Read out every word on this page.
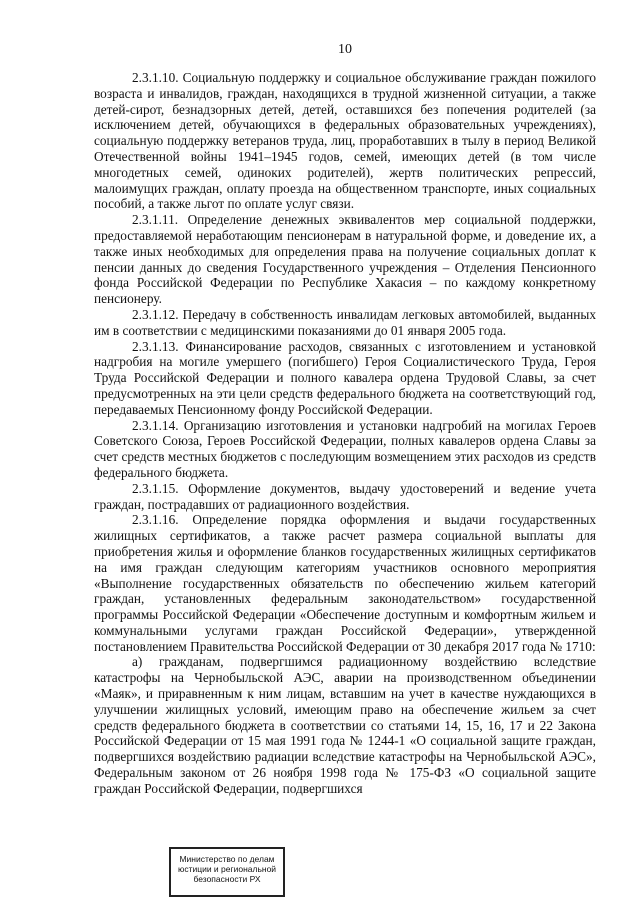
10

2.3.1.10. Социальную поддержку и социальное обслуживание граждан пожилого возраста и инвалидов, граждан, находящихся в трудной жизненной ситуации, а также детей-сирот, безнадзорных детей, детей, оставшихся без попечения родителей (за исключением детей, обучающихся в федеральных образовательных учреждениях), социальную поддержку ветеранов труда, лиц, проработавших в тылу в период Великой Отечественной войны 1941–1945 годов, семей, имеющих детей (в том числе многодетных семей, одиноких родителей), жертв политических репрессий, малоимущих граждан, оплату проезда на общественном транспорте, иных социальных пособий, а также льгот по оплате услуг связи.

2.3.1.11. Определение денежных эквивалентов мер социальной поддержки, предоставляемой неработающим пенсионерам в натуральной форме, и доведение их, а также иных необходимых для определения права на получение социальных доплат к пенсии данных до сведения Государственного учреждения – Отделения Пенсионного фонда Российской Федерации по Республике Хакасия – по каждому конкретному пенсионеру.

2.3.1.12. Передачу в собственность инвалидам легковых автомобилей, выданных им в соответствии с медицинскими показаниями до 01 января 2005 года.

2.3.1.13. Финансирование расходов, связанных с изготовлением и установкой надгробия на могиле умершего (погибшего) Героя Социалистического Труда, Героя Труда Российской Федерации и полного кавалера ордена Трудовой Славы, за счет предусмотренных на эти цели средств федерального бюджета на соответствующий год, передаваемых Пенсионному фонду Российской Федерации.

2.3.1.14. Организацию изготовления и установки надгробий на могилах Героев Советского Союза, Героев Российской Федерации, полных кавалеров ордена Славы за счет средств местных бюджетов с последующим возмещением этих расходов из средств федерального бюджета.

2.3.1.15. Оформление документов, выдачу удостоверений и ведение учета граждан, пострадавших от радиационного воздействия.

2.3.1.16. Определение порядка оформления и выдачи государственных жилищных сертификатов, а также расчет размера социальной выплаты для приобретения жилья и оформление бланков государственных жилищных сертификатов на имя граждан следующим категориям участников основного мероприятия «Выполнение государственных обязательств по обеспечению жильем категорий граждан, установленных федеральным законодательством» государственной программы Российской Федерации «Обеспечение доступным и комфортным жильем и коммунальными услугами граждан Российской Федерации», утвержденной постановлением Правительства Российской Федерации от 30 декабря 2017 года № 1710:

а) гражданам, подвергшимся радиационному воздействию вследствие катастрофы на Чернобыльской АЭС, аварии на производственном объединении «Маяк», и приравненным к ним лицам, вставшим на учет в качестве нуждающихся в улучшении жилищных условий, имеющим право на обеспечение жильем за счет средств федерального бюджета в соответствии со статьями 14, 15, 16, 17 и 22 Закона Российской Федерации от 15 мая 1991 года № 1244-1 «О социальной защите граждан, подвергшихся воздействию радиации вследствие катастрофы на Чернобыльской АЭС», Федеральным законом от 26 ноября 1998 года № 175-ФЗ «О социальной защите граждан Российской Федерации, подвергшихся

Министерство по делам
юстиции и региональной
безопасности РХ
